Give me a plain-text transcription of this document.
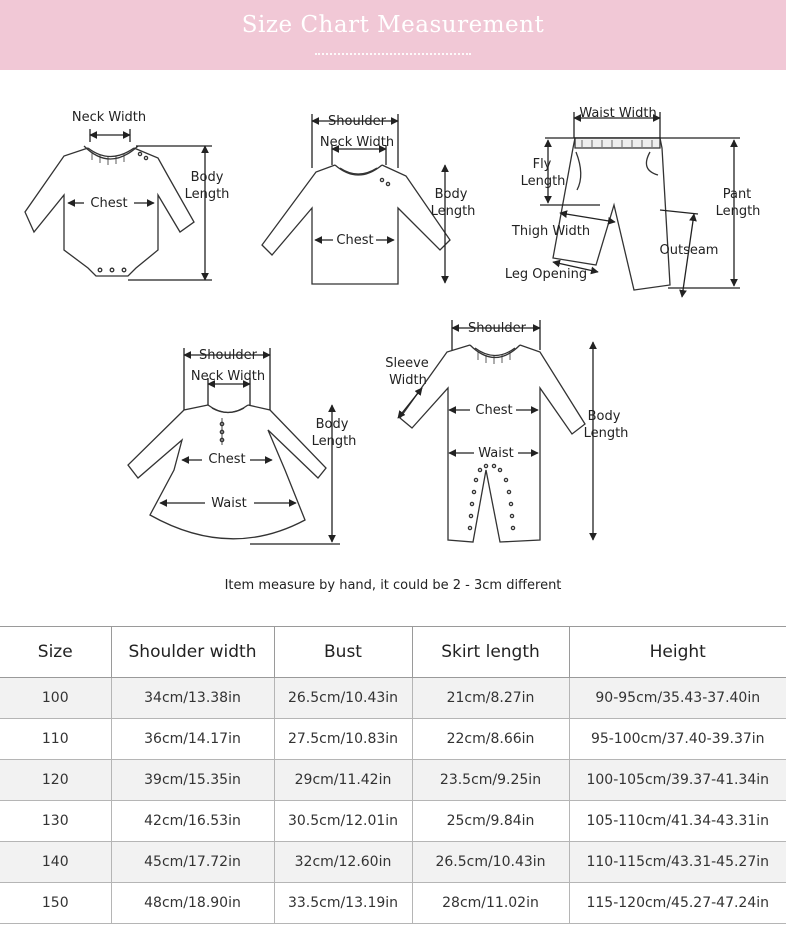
Size Chart Measurement
Neck Width
Chest
Body
Length
Shoulder
Neck Width
Chest
Body
Length
Waist Width
Fly
Length
Thigh Width
Leg Opening
Outseam
Pant
Length
Shoulder
Neck Width
Chest
Waist
Body
Length
Shoulder
Sleeve
Width
Chest
Waist
Body
Length
Item measure by hand, it could be 2 - 3cm different
Size	Shoulder width	Bust	Skirt length	Height
100	34cm/13.38in	26.5cm/10.43in	21cm/8.27in	90-95cm/35.43-37.40in
110	36cm/14.17in	27.5cm/10.83in	22cm/8.66in	95-100cm/37.40-39.37in
120	39cm/15.35in	29cm/11.42in	23.5cm/9.25in	100-105cm/39.37-41.34in
130	42cm/16.53in	30.5cm/12.01in	25cm/9.84in	105-110cm/41.34-43.31in
140	45cm/17.72in	32cm/12.60in	26.5cm/10.43in	110-115cm/43.31-45.27in
150	48cm/18.90in	33.5cm/13.19in	28cm/11.02in	115-120cm/45.27-47.24in
